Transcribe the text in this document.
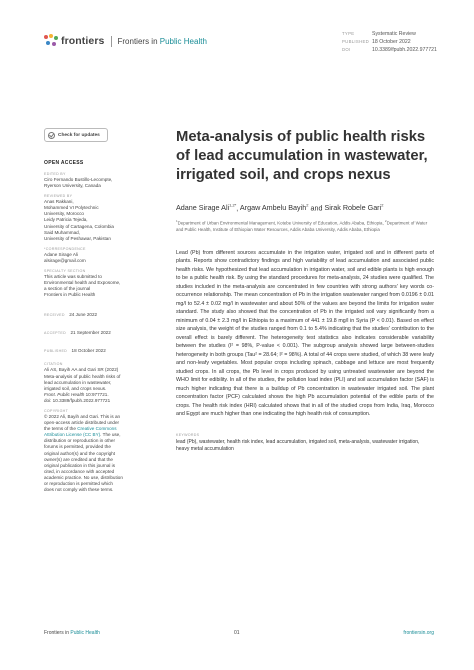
frontiers Frontiers in Public Health
TYPE	Systematic Review
PUBLISHED 18 October 2022
DOI	10.3389/fpubh.2022.977721
Check for updates
OPEN ACCESS
EDITED BY
Ciro Fernando Bustillo-Lecompte,
Ryerson University, Canada
REVIEWED BY
Anas Rakkani,
Mohammed VI Polytechnic
University, Morocco
Leidy Patricia Tejeda,
University of Cartagena, Colombia
Said Muhammad,
University of Peshawar, Pakistan
*CORRESPONDENCE
Adane Sirage Ali
alsirage@gmail.com
SPECIALTY SECTION
This article was submitted to
Environmental health and Exposome,
a section of the journal
Frontiers in Public Health
RECEIVED 24 June 2022
ACCEPTED 21 September 2022
PUBLISHED 18 October 2022
CITATION
Ali AS, Bayih AA and Gari SR (2022)
Meta-analysis of public health risks of
lead accumulation in wastewater,
irrigated soil, and crops nexus.
Front. Public Health 10:977721.
doi: 10.3389/fpubh.2022.977721
COPYRIGHT
© 2022 Ali, Bayih and Gari. This is an
open-access article distributed under
the terms of the Creative Commons
Attribution License (CC BY). The use,
distribution or reproduction in other
forums is permitted, provided the
original author(s) and the copyright
owner(s) are credited and that the
original publication in this journal is
cited, in accordance with accepted
academic practice. No use, distribution
or reproduction is permitted which
does not comply with these terms.
Meta-analysis of public health risks of lead accumulation in wastewater, irrigated soil, and crops nexus
Adane Sirage Ali$^{1,2*}$, Argaw Ambelu Bayih$^2$ and Sirak Robele Gari$^2$
$^1$Department of Urban Environmental Management, Kotebe University of Education, Addis Ababa, Ethiopia, $^2$Department of Water and Public Health, Institute of Ethiopian Water Resources, Addis Ababa University, Addis Ababa, Ethiopia

Lead (Pb) from different sources accumulate in the irrigation water, irrigated soil and in different parts of plants. Reports show contradictory findings and high variability of lead accumulation and associated public health risks. We hypothesized that lead accumulation in irrigation water, soil and edible plants is high enough to be a public health risk. By using the standard procedures for meta-analysis, 24 studies were qualified. The studies included in the meta-analysis are concentrated in few countries with strong authors' key words co-occurrence relationship. The mean concentration of Pb in the irrigation wastewater ranged from 0.0196 ± 0.01 mg/l to 52.4 ± 0.02 mg/l in wastewater and about 50% of the values are beyond the limits for irrigation water standard. The study also showed that the concentration of Pb in the irrigated soil vary significantly from a minimum of 0.04 ± 2.3 mg/l in Ethiopia to a maximum of 441 ± 19.8 mg/l in Syria (P < 0.01). Based on effect size analysis, the weight of the studies ranged from 0.1 to 5.4% indicating that the studies' contribution to the overall effect is barely different. The heterogeneity test statistics also indicates considerable variability between the studies (I² = 98%, P-value < 0.001). The subgroup analysis showed large between-studies heterogeneity in both groups (Tau² = 28.64; I² = 98%). A total of 44 crops were studied, of which 38 were leafy and non-leafy vegetables. Most popular crops including spinach, cabbage and lettuce are most frequently studied crops. In all crops, the Pb level in crops produced by using untreated wastewater are beyond the WHO limit for edibility. In all of the studies, the pollution load index (PLI) and soil accumulation factor (SAF) is much higher indicating that there is a buildup of Pb concentration in wastewater irrigated soil. The plant concentration factor (PCF) calculated shows the high Pb accumulation potential of the edible parts of the crops. The health risk index (HRI) calculated shows that in all of the studied crops from India, Iraq, Morocco and Egypt are much higher than one indicating the high health risk of consumption.

KEYWORDS
lead (Pb), wastewater, health risk index, lead accumulation, irrigated soil, meta-analysis, wastewater irrigation, heavy metal accumulation
Frontiers in Public Health	01	frontiersin.org
